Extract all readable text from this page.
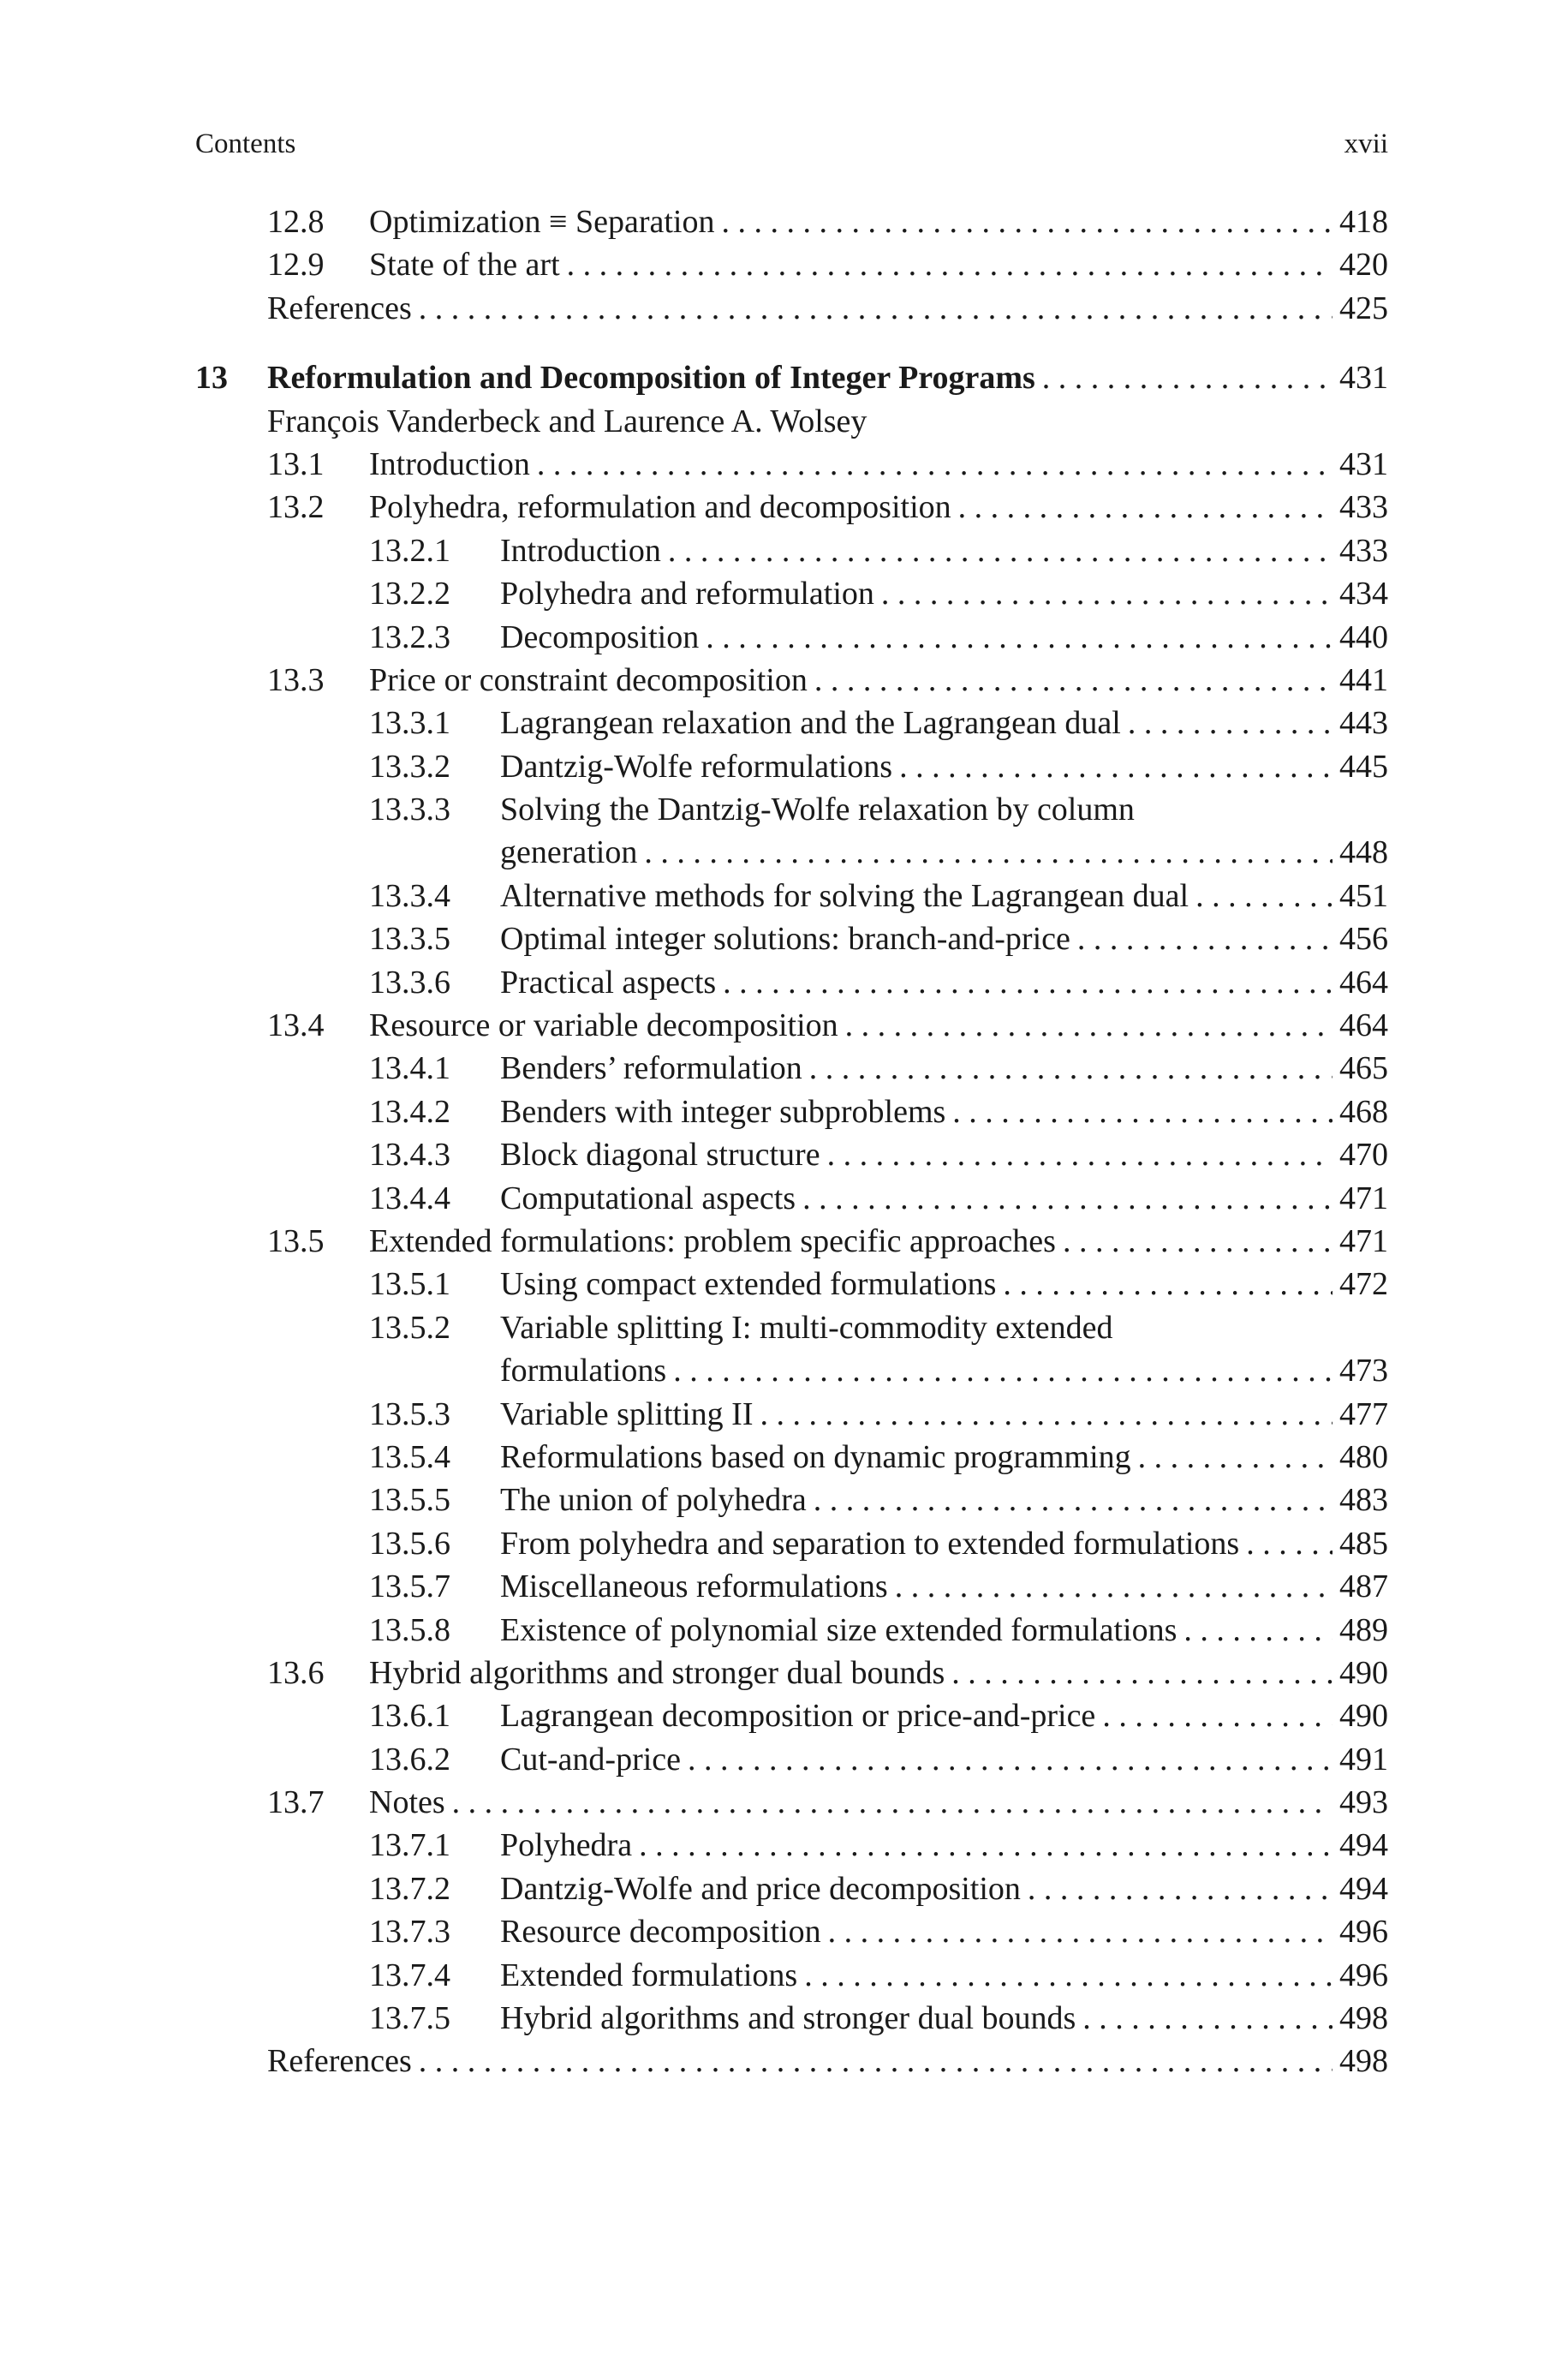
Contents	xvii
12.8 Optimization ≡ Separation . . .	418
12.9 State of the art . . .	420
References . . .	425
13 Reformulation and Decomposition of Integer Programs . . .	431
François Vanderbeck and Laurence A. Wolsey
13.1 Introduction . . .	431
13.2 Polyhedra, reformulation and decomposition . . .	433
13.2.1 Introduction . . .	433
13.2.2 Polyhedra and reformulation . . .	434
13.2.3 Decomposition . . .	440
13.3 Price or constraint decomposition . . .	441
13.3.1 Lagrangean relaxation and the Lagrangean dual . . .	443
13.3.2 Dantzig-Wolfe reformulations . . .	445
13.3.3 Solving the Dantzig-Wolfe relaxation by column
generation . . .	448
13.3.4 Alternative methods for solving the Lagrangean dual . . .	451
13.3.5 Optimal integer solutions: branch-and-price . . .	456
13.3.6 Practical aspects . . .	464
13.4 Resource or variable decomposition . . .	464
13.4.1 Benders’ reformulation . . .	465
13.4.2 Benders with integer subproblems . . .	468
13.4.3 Block diagonal structure . . .	470
13.4.4 Computational aspects . . .	471
13.5 Extended formulations: problem specific approaches . . .	471
13.5.1 Using compact extended formulations . . .	472
13.5.2 Variable splitting I: multi-commodity extended
formulations . . .	473
13.5.3 Variable splitting II . . .	477
13.5.4 Reformulations based on dynamic programming . . .	480
13.5.5 The union of polyhedra . . .	483
13.5.6 From polyhedra and separation to extended formulations . . .	485
13.5.7 Miscellaneous reformulations . . .	487
13.5.8 Existence of polynomial size extended formulations . . .	489
13.6 Hybrid algorithms and stronger dual bounds . . .	490
13.6.1 Lagrangean decomposition or price-and-price . . .	490
13.6.2 Cut-and-price . . .	491
13.7 Notes . . .	493
13.7.1 Polyhedra . . .	494
13.7.2 Dantzig-Wolfe and price decomposition . . .	494
13.7.3 Resource decomposition . . .	496
13.7.4 Extended formulations . . .	496
13.7.5 Hybrid algorithms and stronger dual bounds . . .	498
References . . .	498
